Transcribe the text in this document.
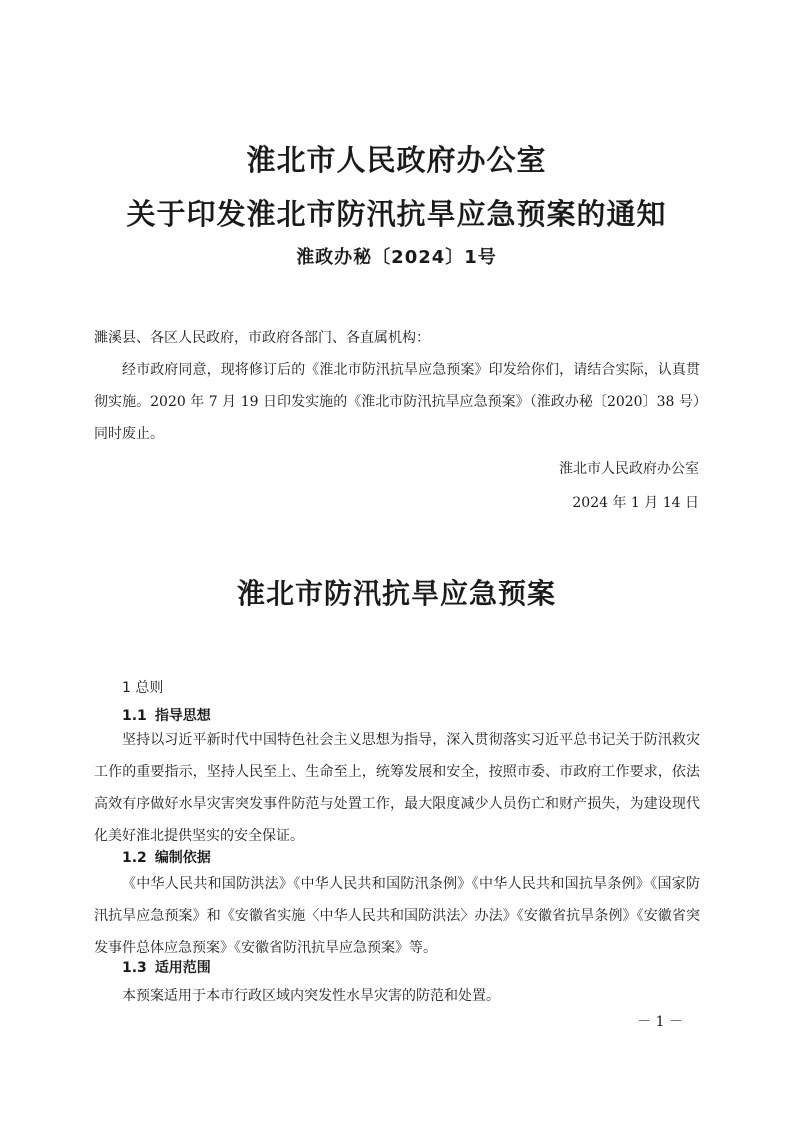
淮北市人民政府办公室
关于印发淮北市防汛抗旱应急预案的通知
淮政办秘〔2024〕1号
濉溪县、各区人民政府，市政府各部门、各直属机构：
经市政府同意，现将修订后的《淮北市防汛抗旱应急预案》印发给你们，请结合实际，认真贯彻实施。2020 年 7 月 19 日印发实施的《淮北市防汛抗旱应急预案》（淮政办秘〔2020〕38 号）同时废止。
淮北市人民政府办公室
2024 年 1 月 14 日
淮北市防汛抗旱应急预案
1 总则
1.1 指导思想
坚持以习近平新时代中国特色社会主义思想为指导，深入贯彻落实习近平总书记关于防汛救灾工作的重要指示，坚持人民至上、生命至上，统筹发展和安全，按照市委、市政府工作要求，依法高效有序做好水旱灾害突发事件防范与处置工作，最大限度减少人员伤亡和财产损失，为建设现代化美好淮北提供坚实的安全保证。
1.2 编制依据
《中华人民共和国防洪法》《中华人民共和国防汛条例》《中华人民共和国抗旱条例》《国家防汛抗旱应急预案》和《安徽省实施〈中华人民共和国防洪法〉办法》《安徽省抗旱条例》《安徽省突发事件总体应急预案》《安徽省防汛抗旱应急预案》等。
1.3 适用范围
本预案适用于本市行政区域内突发性水旱灾害的防范和处置。
－ 1 －
